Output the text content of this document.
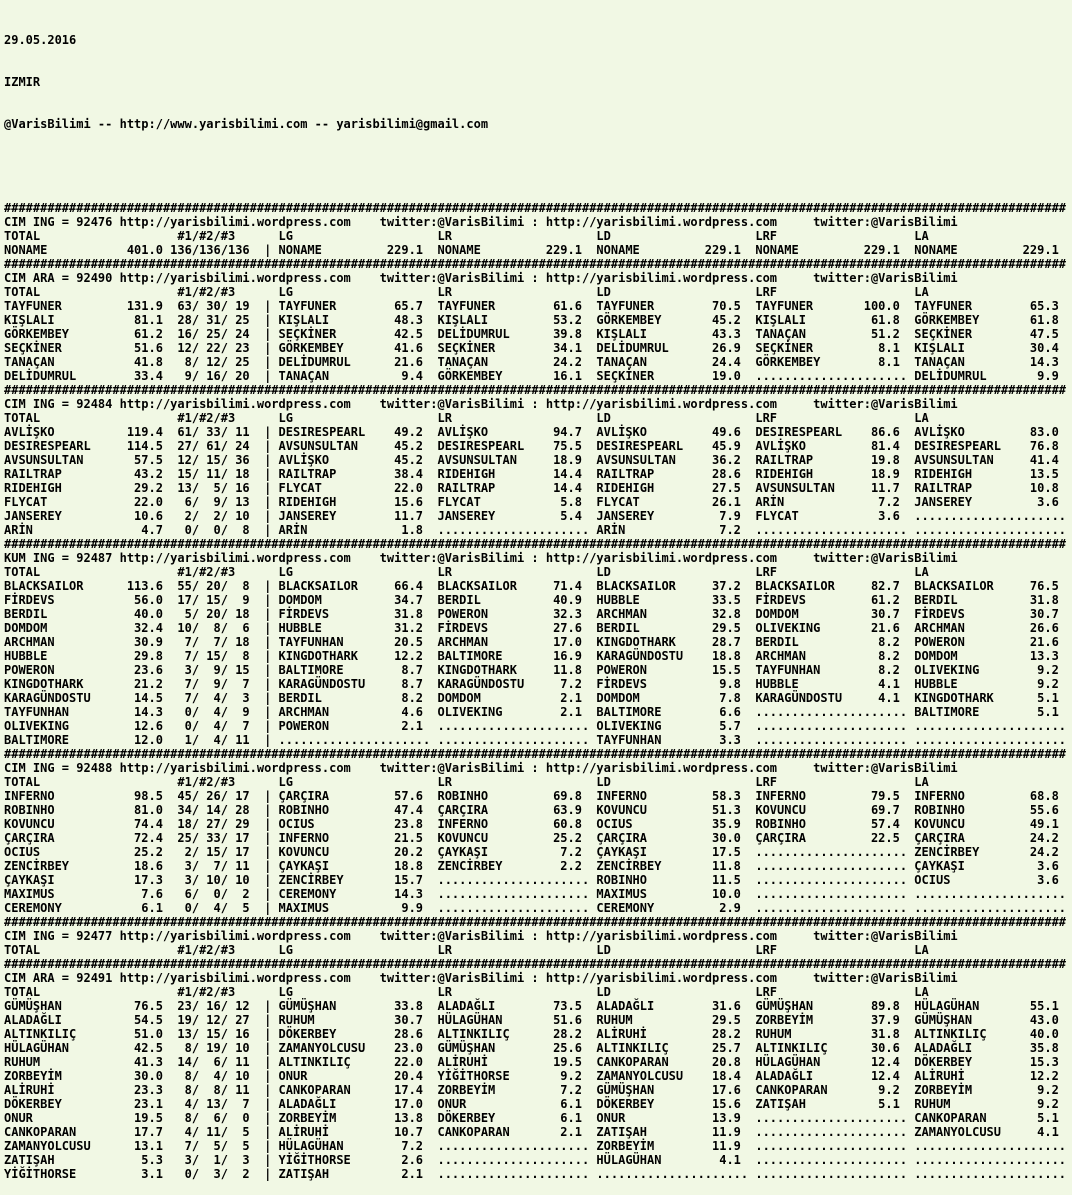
29.05.2016

IZMIR

@VarisBilimi -- http://www.yarisbilimi.com -- yarisbilimi@gmail.com

###################################################################################################################################################
CIM ING = 92476 http://yarisbilimi.wordpress.com    twitter:@VarisBilimi : http://yarisbilimi.wordpress.com     twitter:@VarisBilimi
TOTAL                   #1/#2/#3      LG                    LR                    LD                    LRF                   LA
NONAME           401.0 136/136/136  | NONAME         229.1  NONAME         229.1  NONAME         229.1  NONAME         229.1  NONAME         229.1
###################################################################################################################################################
CIM ARA = 92490 http://yarisbilimi.wordpress.com    twitter:@VarisBilimi : http://yarisbilimi.wordpress.com     twitter:@VarisBilimi
TOTAL                   #1/#2/#3      LG                    LR                    LD                    LRF                   LA
TAYFUNER         131.9  63/ 30/ 19  | TAYFUNER        65.7  TAYFUNER        61.6  TAYFUNER        70.5  TAYFUNER       100.0  TAYFUNER        65.3
KIŞLALI           81.1  28/ 31/ 25  | KIŞLALI         48.3  KIŞLALI         53.2  GÖRKEMBEY       45.2  KIŞLALI         61.8  GÖRKEMBEY       61.8
GÖRKEMBEY         61.2  16/ 25/ 24  | SEÇKİNER        42.5  DELİDUMRUL      39.8  KIŞLALI         43.3  TANAÇAN         51.2  SEÇKİNER        47.5
SEÇKİNER          51.6  12/ 22/ 23  | GÖRKEMBEY       41.6  SEÇKİNER        34.1  DELİDUMRUL      26.9  SEÇKİNER         8.1  KIŞLALI         30.4
TANAÇAN           41.8   8/ 12/ 25  | DELİDUMRUL      21.6  TANAÇAN         24.2  TANAÇAN         24.4  GÖRKEMBEY        8.1  TANAÇAN         14.3
DELİDUMRUL        33.4   9/ 16/ 20  | TANAÇAN          9.4  GÖRKEMBEY       16.1  SEÇKİNER        19.0  ..................... DELİDUMRUL       9.9
###################################################################################################################################################
CIM ING = 92484 http://yarisbilimi.wordpress.com    twitter:@VarisBilimi : http://yarisbilimi.wordpress.com     twitter:@VarisBilimi
TOTAL                   #1/#2/#3      LG                    LR                    LD                    LRF                   LA
AVLİŞKO          119.4  61/ 33/ 11  | DESIRESPEARL    49.2  AVLİŞKO         94.7  AVLİŞKO         49.6  DESIRESPEARL    86.6  AVLİŞKO         83.0
DESIRESPEARL     114.5  27/ 61/ 24  | AVSUNSULTAN     45.2  DESIRESPEARL    75.5  DESIRESPEARL    45.9  AVLİŞKO         81.4  DESIRESPEARL    76.8
AVSUNSULTAN       57.5  12/ 15/ 36  | AVLİŞKO         45.2  AVSUNSULTAN     18.9  AVSUNSULTAN     36.2  RAILTRAP        19.8  AVSUNSULTAN     41.4
RAILTRAP          43.2  15/ 11/ 18  | RAILTRAP        38.4  RIDEHIGH        14.4  RAILTRAP        28.6  RIDEHIGH        18.9  RIDEHIGH        13.5
RIDEHIGH          29.2  13/  5/ 16  | FLYCAT          22.0  RAILTRAP        14.4  RIDEHIGH        27.5  AVSUNSULTAN     11.7  RAILTRAP        10.8
FLYCAT            22.0   6/  9/ 13  | RIDEHIGH        15.6  FLYCAT           5.8  FLYCAT          26.1  ARİN             7.2  JANSEREY         3.6
JANSEREY          10.6   2/  2/ 10  | JANSEREY        11.7  JANSEREY         5.4  JANSEREY         7.9  FLYCAT           3.6  .....................
ARİN               4.7   0/  0/  8  | ARİN             1.8  ..................... ARİN             7.2  ..................... .....................
###################################################################################################################################################
KUM ING = 92487 http://yarisbilimi.wordpress.com    twitter:@VarisBilimi : http://yarisbilimi.wordpress.com     twitter:@VarisBilimi
TOTAL                   #1/#2/#3      LG                    LR                    LD                    LRF                   LA
BLACKSAILOR      113.6  55/ 20/  8  | BLACKSAILOR     66.4  BLACKSAILOR     71.4  BLACKSAILOR     37.2  BLACKSAILOR     82.7  BLACKSAILOR     76.5
FİRDEVS           56.0  17/ 15/  9  | DOMDOM          34.7  BERDIL          40.9  HUBBLE          33.5  FİRDEVS         61.2  BERDIL          31.8
BERDIL            40.0   5/ 20/ 18  | FİRDEVS         31.8  POWERON         32.3  ARCHMAN         32.8  DOMDOM          30.7  FİRDEVS         30.7
DOMDOM            32.4  10/  8/  6  | HUBBLE          31.2  FİRDEVS         27.6  BERDIL          29.5  OLIVEKING       21.6  ARCHMAN         26.6
ARCHMAN           30.9   7/  7/ 18  | TAYFUNHAN       20.5  ARCHMAN         17.0  KINGDOTHARK     28.7  BERDIL           8.2  POWERON         21.6
HUBBLE            29.8   7/ 15/  8  | KINGDOTHARK     12.2  BALTIMORE       16.9  KARAGÜNDOSTU    18.8  ARCHMAN          8.2  DOMDOM          13.3
POWERON           23.6   3/  9/ 15  | BALTIMORE        8.7  KINGDOTHARK     11.8  POWERON         15.5  TAYFUNHAN        8.2  OLIVEKING        9.2
KINGDOTHARK       21.2   7/  9/  7  | KARAGÜNDOSTU     8.7  KARAGÜNDOSTU     7.2  FİRDEVS          9.8  HUBBLE           4.1  HUBBLE           9.2
KARAGÜNDOSTU      14.5   7/  4/  3  | BERDIL           8.2  DOMDOM           2.1  DOMDOM           7.8  KARAGÜNDOSTU     4.1  KINGDOTHARK      5.1
TAYFUNHAN         14.3   0/  4/  9  | ARCHMAN          4.6  OLIVEKING        2.1  BALTIMORE        6.6  ..................... BALTIMORE        5.1
OLIVEKING         12.6   0/  4/  7  | POWERON          2.1  ..................... OLIVEKING        5.7  ..................... .....................
BALTIMORE         12.0   1/  4/ 11  | ..................... ..................... TAYFUNHAN        3.3  ..................... .....................
###################################################################################################################################################
CIM ING = 92488 http://yarisbilimi.wordpress.com    twitter:@VarisBilimi : http://yarisbilimi.wordpress.com     twitter:@VarisBilimi
TOTAL                   #1/#2/#3      LG                    LR                    LD                    LRF                   LA
INFERNO           98.5  45/ 26/ 17  | ÇARÇIRA         57.6  ROBINHO         69.8  INFERNO         58.3  INFERNO         79.5  INFERNO         68.8
ROBINHO           81.0  34/ 14/ 28  | ROBINHO         47.4  ÇARÇIRA         63.9  KOVUNCU         51.3  KOVUNCU         69.7  ROBINHO         55.6
KOVUNCU           74.4  18/ 27/ 29  | OCIUS           23.8  INFERNO         60.8  OCIUS           35.9  ROBINHO         57.4  KOVUNCU         49.1
ÇARÇIRA           72.4  25/ 33/ 17  | INFERNO         21.5  KOVUNCU         25.2  ÇARÇIRA         30.0  ÇARÇIRA         22.5  ÇARÇIRA         24.2
OCIUS             25.2   2/ 15/ 17  | KOVUNCU         20.2  ÇAYKAŞI          7.2  ÇAYKAŞI         17.5  ..................... ZENCİRBEY       24.2
ZENCİRBEY         18.6   3/  7/ 11  | ÇAYKAŞI         18.8  ZENCİRBEY        2.2  ZENCİRBEY       11.8  ..................... ÇAYKAŞI          3.6
ÇAYKAŞI           17.3   3/ 10/ 10  | ZENCİRBEY       15.7  ..................... ROBINHO         11.5  ..................... OCIUS            3.6
MAXIMUS            7.6   6/  0/  2  | CEREMONY        14.3  ..................... MAXIMUS         10.0  ..................... .....................
CEREMONY           6.1   0/  4/  5  | MAXIMUS          9.9  ..................... CEREMONY         2.9  ..................... .....................
###################################################################################################################################################
CIM ING = 92477 http://yarisbilimi.wordpress.com    twitter:@VarisBilimi : http://yarisbilimi.wordpress.com     twitter:@VarisBilimi
TOTAL                   #1/#2/#3      LG                    LR                    LD                    LRF                   LA
###################################################################################################################################################
CIM ARA = 92491 http://yarisbilimi.wordpress.com    twitter:@VarisBilimi : http://yarisbilimi.wordpress.com     twitter:@VarisBilimi
TOTAL                   #1/#2/#3      LG                    LR                    LD                    LRF                   LA
GÜMÜŞHAN          76.5  23/ 16/ 12  | GÜMÜŞHAN        33.8  ALADAĞLI        73.5  ALADAĞLI        31.6  GÜMÜŞHAN        89.8  HÜLAGÜHAN       55.1
ALADAĞLI          54.5  19/ 12/ 27  | RUHUM           30.7  HÜLAGÜHAN       51.6  RUHUM           29.5  ZORBEYİM        37.9  GÜMÜŞHAN        43.0
ALTINKILIÇ        51.0  13/ 15/ 16  | DÖKERBEY        28.6  ALTINKILIÇ      28.2  ALİRUHİ         28.2  RUHUM           31.8  ALTINKILIÇ      40.0
HÜLAGÜHAN         42.5   8/ 19/ 10  | ZAMANYOLCUSU    23.0  GÜMÜŞHAN        25.6  ALTINKILIÇ      25.7  ALTINKILIÇ      30.6  ALADAĞLI        35.8
RUHUM             41.3  14/  6/ 11  | ALTINKILIÇ      22.0  ALİRUHİ         19.5  CANKOPARAN      20.8  HÜLAGÜHAN       12.4  DÖKERBEY        15.3
ZORBEYİM          30.0   8/  4/ 10  | ONUR            20.4  YİĞİTHORSE       9.2  ZAMANYOLCUSU    18.4  ALADAĞLI        12.4  ALİRUHİ         12.2
ALİRUHİ           23.3   8/  8/ 11  | CANKOPARAN      17.4  ZORBEYİM         7.2  GÜMÜŞHAN        17.6  CANKOPARAN       9.2  ZORBEYİM         9.2
DÖKERBEY          23.1   4/ 13/  7  | ALADAĞLI        17.0  ONUR             6.1  DÖKERBEY        15.6  ZATIŞAH          5.1  RUHUM            9.2
ONUR              19.5   8/  6/  0  | ZORBEYİM        13.8  DÖKERBEY         6.1  ONUR            13.9  ..................... CANKOPARAN       5.1
CANKOPARAN        17.7   4/ 11/  5  | ALİRUHİ         10.7  CANKOPARAN       2.1  ZATIŞAH         11.9  ..................... ZAMANYOLCUSU     4.1
ZAMANYOLCUSU      13.1   7/  5/  5  | HÜLAGÜHAN        7.2  ..................... ZORBEYİM        11.9  ..................... .....................
ZATIŞAH            5.3   3/  1/  3  | YİĞİTHORSE       2.6  ..................... HÜLAGÜHAN        4.1  ..................... .....................
YİĞİTHORSE         3.1   0/  3/  2  | ZATIŞAH          2.1  ..................... ..................... ..................... .....................
